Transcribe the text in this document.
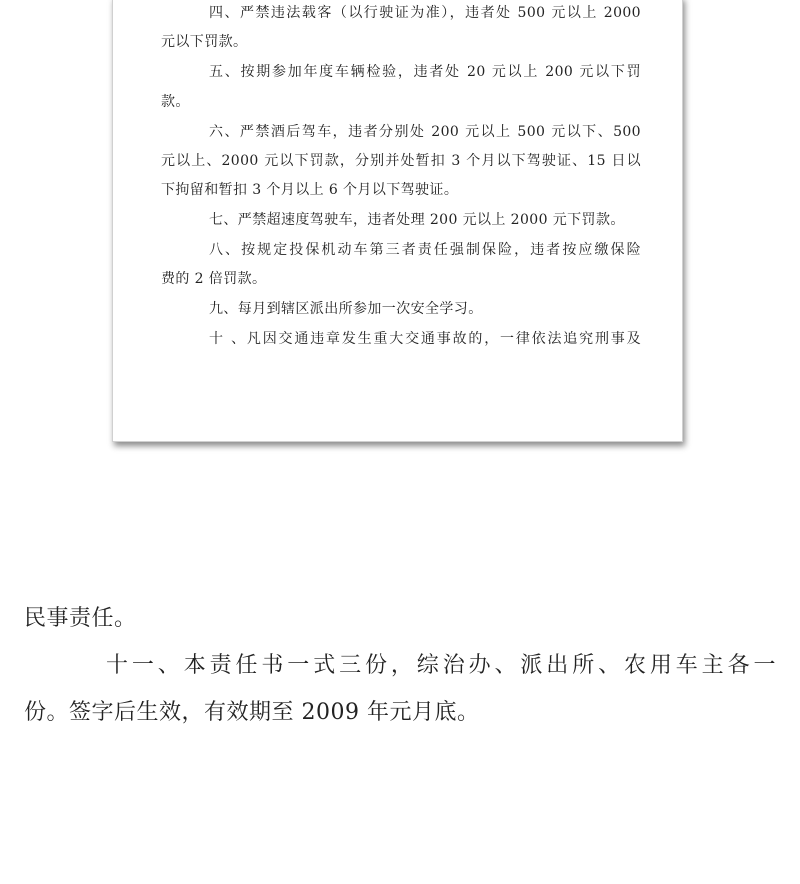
四、严禁违法载客（以行驶证为准），违者处 500 元以上 2000
元以下罚款。
五、按期参加年度车辆检验，违者处 20 元以上 200 元以下罚
款。
六、严禁酒后驾车，违者分别处 200 元以上 500 元以下、500
元以上、2000 元以下罚款，分别并处暂扣 3 个月以下驾驶证、15 日以
下拘留和暂扣 3 个月以上 6 个月以下驾驶证。
七、严禁超速度驾驶车，违者处理 200 元以上 2000 元下罚款。
八、按规定投保机动车第三者责任强制保险，违者按应缴保险
费的 2 倍罚款。
九、每月到辖区派出所参加一次安全学习。
十 、凡因交通违章发生重大交通事故的，一律依法追究刑事及
民事责任。
十一、本责任书一式三份，综治办、派出所、农用车主各一
份。签字后生效，有效期至 2009 年元月底。
